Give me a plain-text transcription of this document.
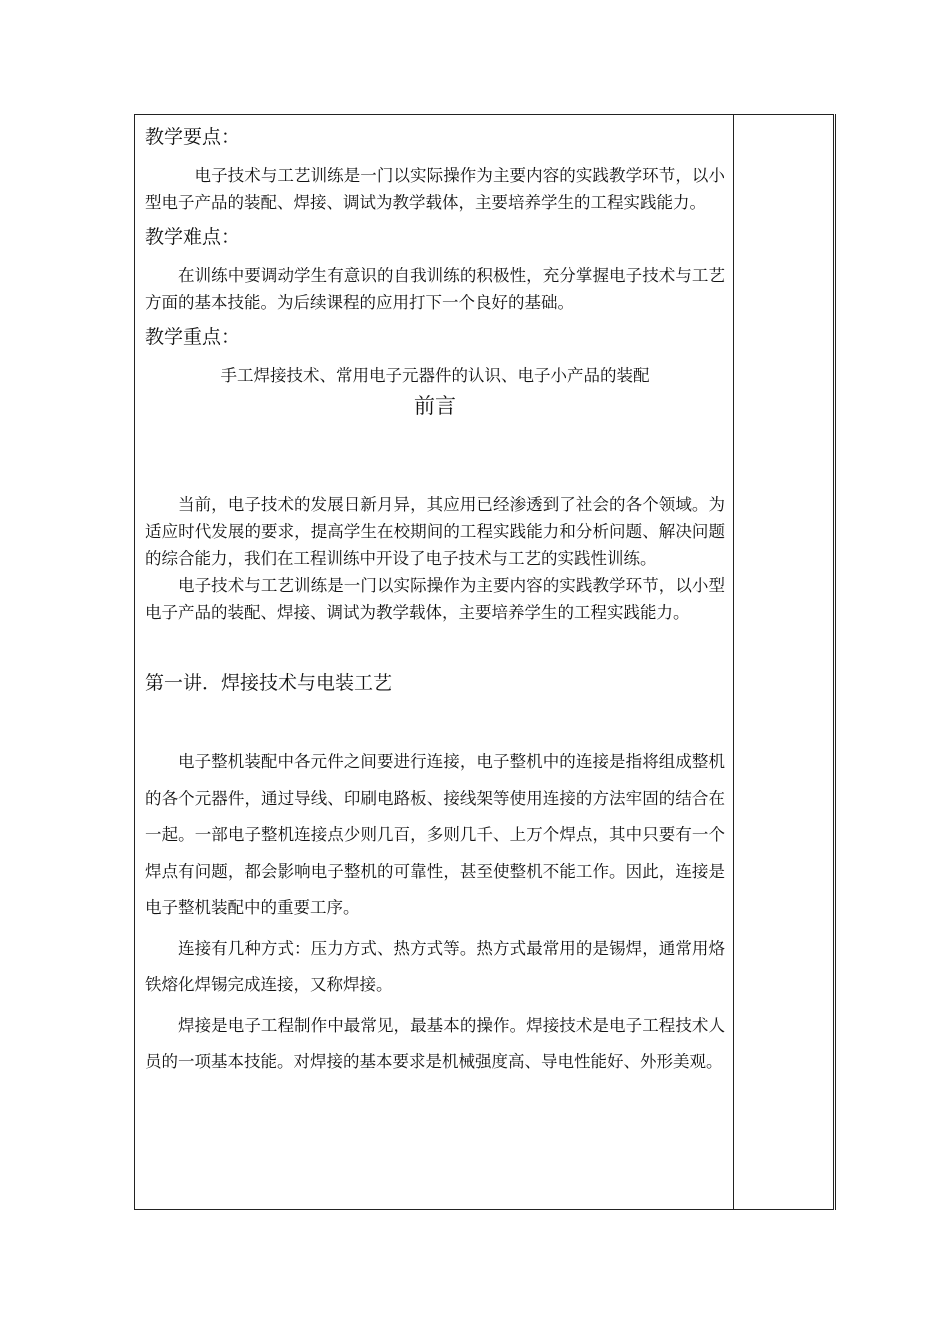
教学要点：

电子技术与工艺训练是一门以实际操作为主要内容的实践教学环节，以小型电子产品的装配、焊接、调试为教学载体，主要培养学生的工程实践能力。

教学难点：

在训练中要调动学生有意识的自我训练的积极性，充分掌握电子技术与工艺方面的基本技能。为后续课程的应用打下一个良好的基础。

教学重点：

手工焊接技术、常用电子元器件的认识、电子小产品的装配

前言

当前，电子技术的发展日新月异，其应用已经渗透到了社会的各个领域。为适应时代发展的要求，提高学生在校期间的工程实践能力和分析问题、解决问题的综合能力，我们在工程训练中开设了电子技术与工艺的实践性训练。

电子技术与工艺训练是一门以实际操作为主要内容的实践教学环节，以小型电子产品的装配、焊接、调试为教学载体，主要培养学生的工程实践能力。

第一讲．焊接技术与电装工艺

电子整机装配中各元件之间要进行连接，电子整机中的连接是指将组成整机的各个元器件，通过导线、印刷电路板、接线架等使用连接的方法牢固的结合在一起。一部电子整机连接点少则几百，多则几千、上万个焊点，其中只要有一个焊点有问题，都会影响电子整机的可靠性，甚至使整机不能工作。因此，连接是电子整机装配中的重要工序。

连接有几种方式：压力方式、热方式等。热方式最常用的是锡焊，通常用烙铁熔化焊锡完成连接，又称焊接。

焊接是电子工程制作中最常见，最基本的操作。焊接技术是电子工程技术人员的一项基本技能。对焊接的基本要求是机械强度高、导电性能好、外形美观。
